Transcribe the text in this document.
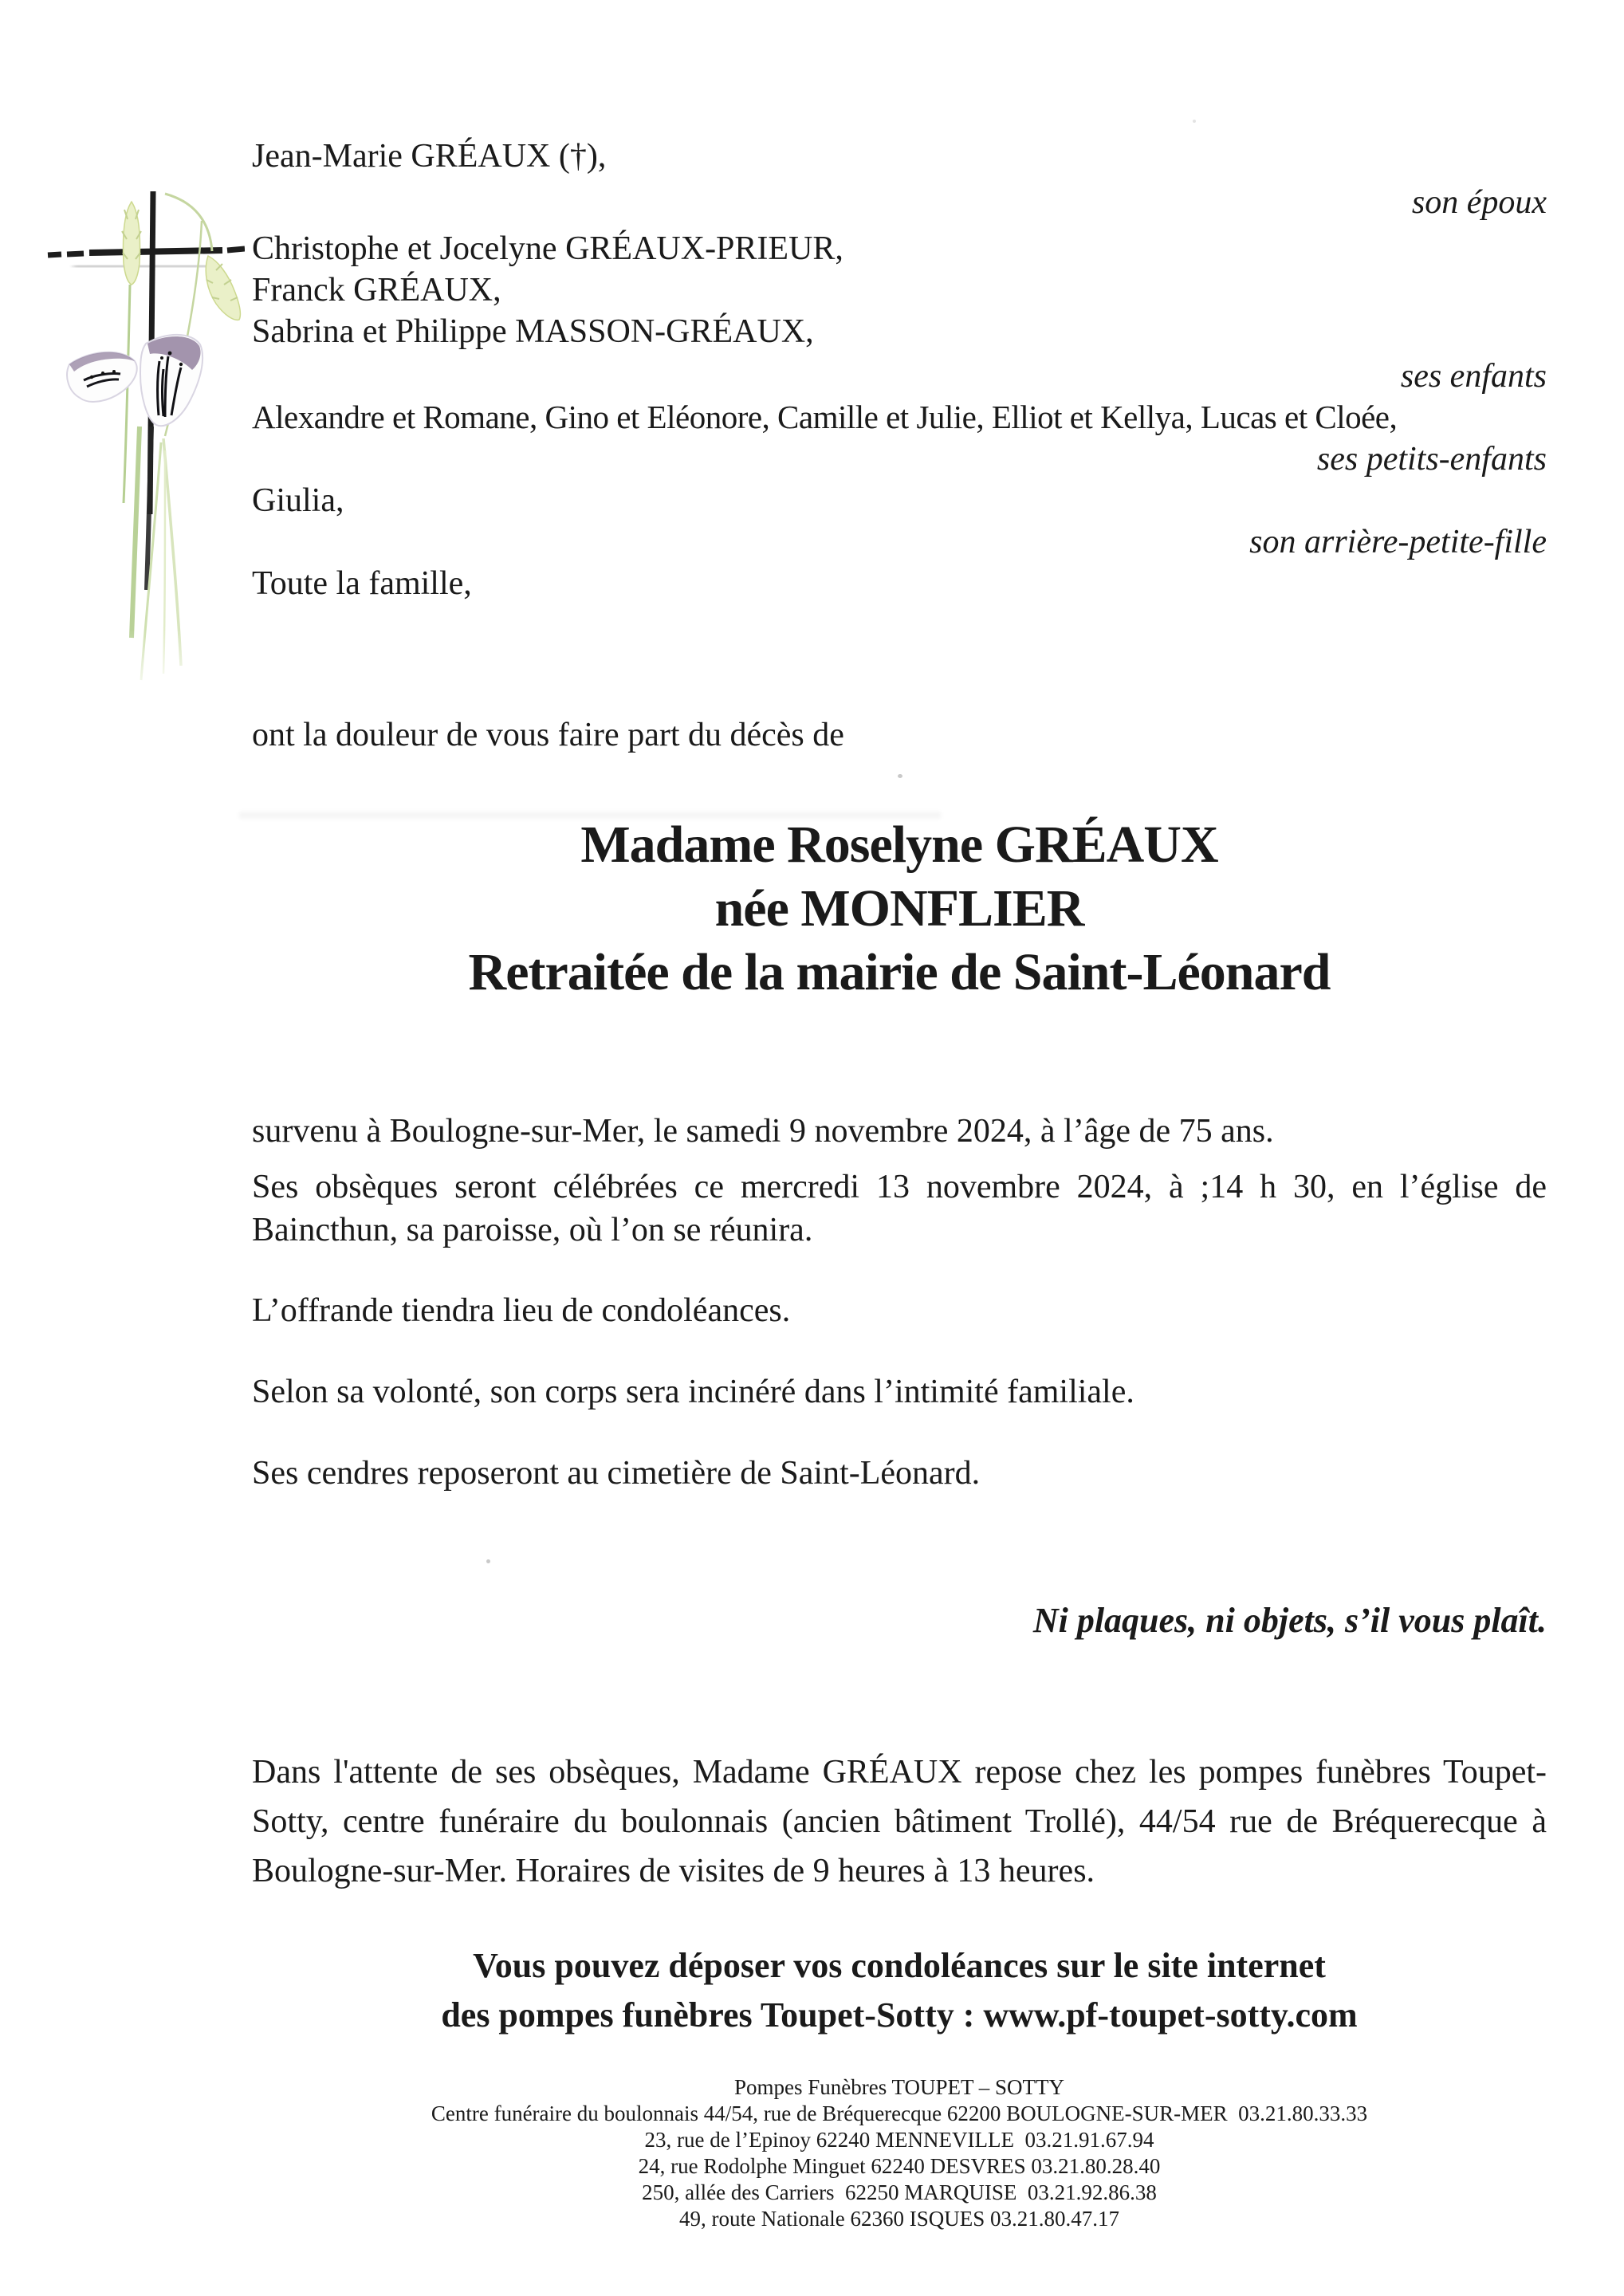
Jean-Marie GRÉAUX (†),
son époux
Christophe et Jocelyne GRÉAUX-PRIEUR,
Franck GRÉAUX,
Sabrina et Philippe MASSON-GRÉAUX,
ses enfants
Alexandre et Romane, Gino et Eléonore, Camille et Julie, Elliot et Kellya, Lucas et Cloée,
ses petits-enfants
Giulia,
son arrière-petite-fille
Toute la famille,
ont la douleur de vous faire part du décès de
Madame Roselyne GRÉAUX
née MONFLIER
Retraitée de la mairie de Saint-Léonard
survenu à Boulogne-sur-Mer, le samedi 9 novembre 2024, à l’âge de 75 ans.
Ses obsèques seront célébrées ce mercredi 13 novembre 2024, à ;14 h 30, en l’église de Baincthun, sa paroisse, où l’on se réunira.
L’offrande tiendra lieu de condoléances.
Selon sa volonté, son corps sera incinéré dans l’intimité familiale.
Ses cendres reposeront au cimetière de Saint-Léonard.
Ni plaques, ni objets, s’il vous plaît.
Dans l'attente de ses obsèques, Madame GRÉAUX repose chez les pompes funèbres Toupet-Sotty, centre funéraire du boulonnais (ancien bâtiment Trollé), 44/54 rue de Bréquerecque à Boulogne-sur-Mer. Horaires de visites de 9 heures à 13 heures.
Vous pouvez déposer vos condoléances sur le site internet
des pompes funèbres Toupet-Sotty : www.pf-toupet-sotty.com
Pompes Funèbres TOUPET – SOTTY
Centre funéraire du boulonnais 44/54, rue de Bréquerecque 62200 BOULOGNE-SUR-MER  03.21.80.33.33
23, rue de l’Epinoy 62240 MENNEVILLE  03.21.91.67.94
24, rue Rodolphe Minguet 62240 DESVRES 03.21.80.28.40
250, allée des Carriers  62250 MARQUISE  03.21.92.86.38
49, route Nationale 62360 ISQUES 03.21.80.47.17
